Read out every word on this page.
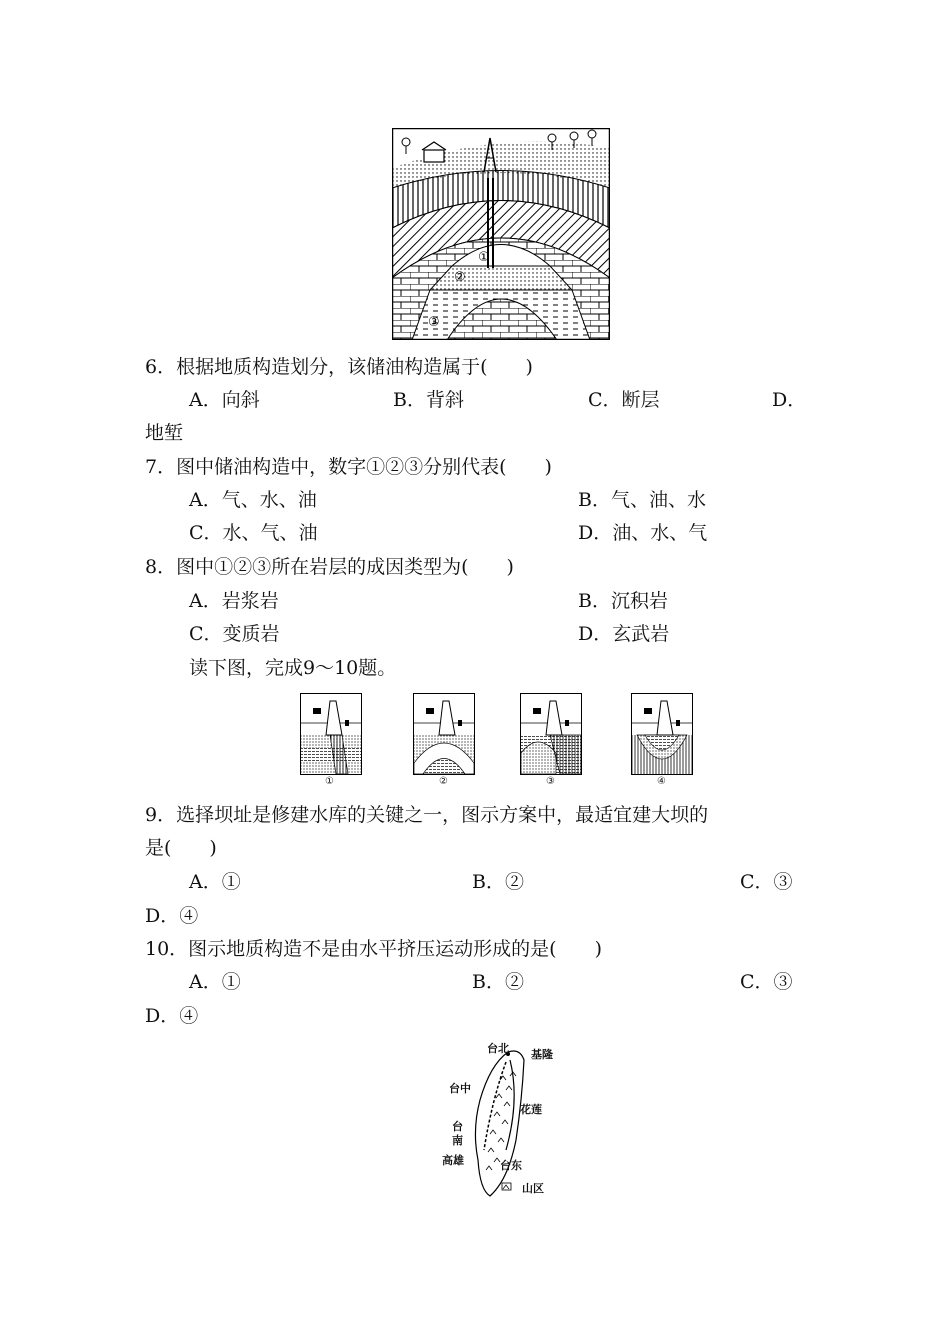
①
②
③
6．根据地质构造划分，该储油构造属于(　　)
A．向斜	B．背斜	C．断层	D．
地堑
7．图中储油构造中，数字①②③分别代表(　　)
A．气、水、油	B．气、油、水
C．水、气、油	D．油、水、气
8．图中①②③所在岩层的成因类型为(　　)
A．岩浆岩	B．沉积岩
C．变质岩	D．玄武岩
读下图，完成9～10题。
①	②	③	④
9．选择坝址是修建水库的关键之一，图示方案中，最适宜建大坝的
是(　　)
A．①	B．②	C．③
D．④
10．图示地质构造不是由水平挤压运动形成的是(　　)
A．①	B．②	C．③
D．④
台北 基隆
台中
花莲
台
南
高雄	台东
山区
